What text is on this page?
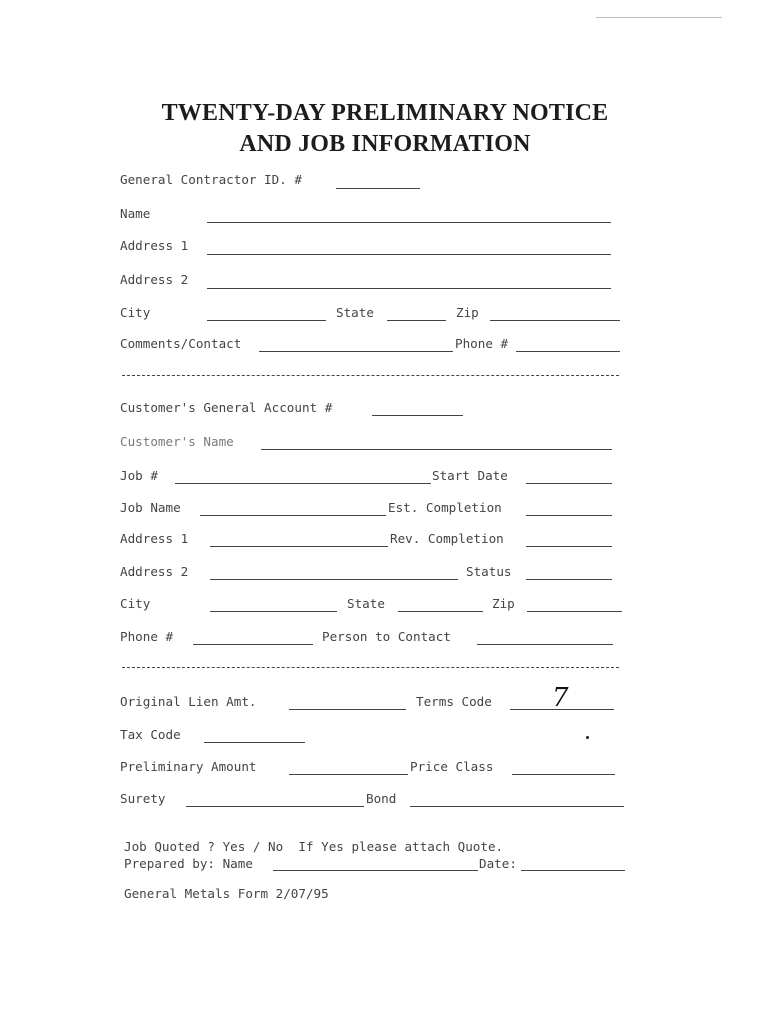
TWENTY-DAY PRELIMINARY NOTICE
AND JOB INFORMATION
General Contractor ID. #
Name
Address 1
Address 2
City	State	Zip
Comments/Contact	Phone #
Customer's General Account #
Customer's Name
Job #	Start Date
Job Name	Est. Completion
Address 1	Rev. Completion
Address 2	Status
City	State	Zip
Phone #	Person to Contact
Original Lien Amt.	Terms Code 7
Tax Code
Preliminary Amount	Price Class
Surety	Bond
Job Quoted ? Yes / No  If Yes please attach Quote.
Prepared by: Name	Date:
General Metals Form 2/07/95
